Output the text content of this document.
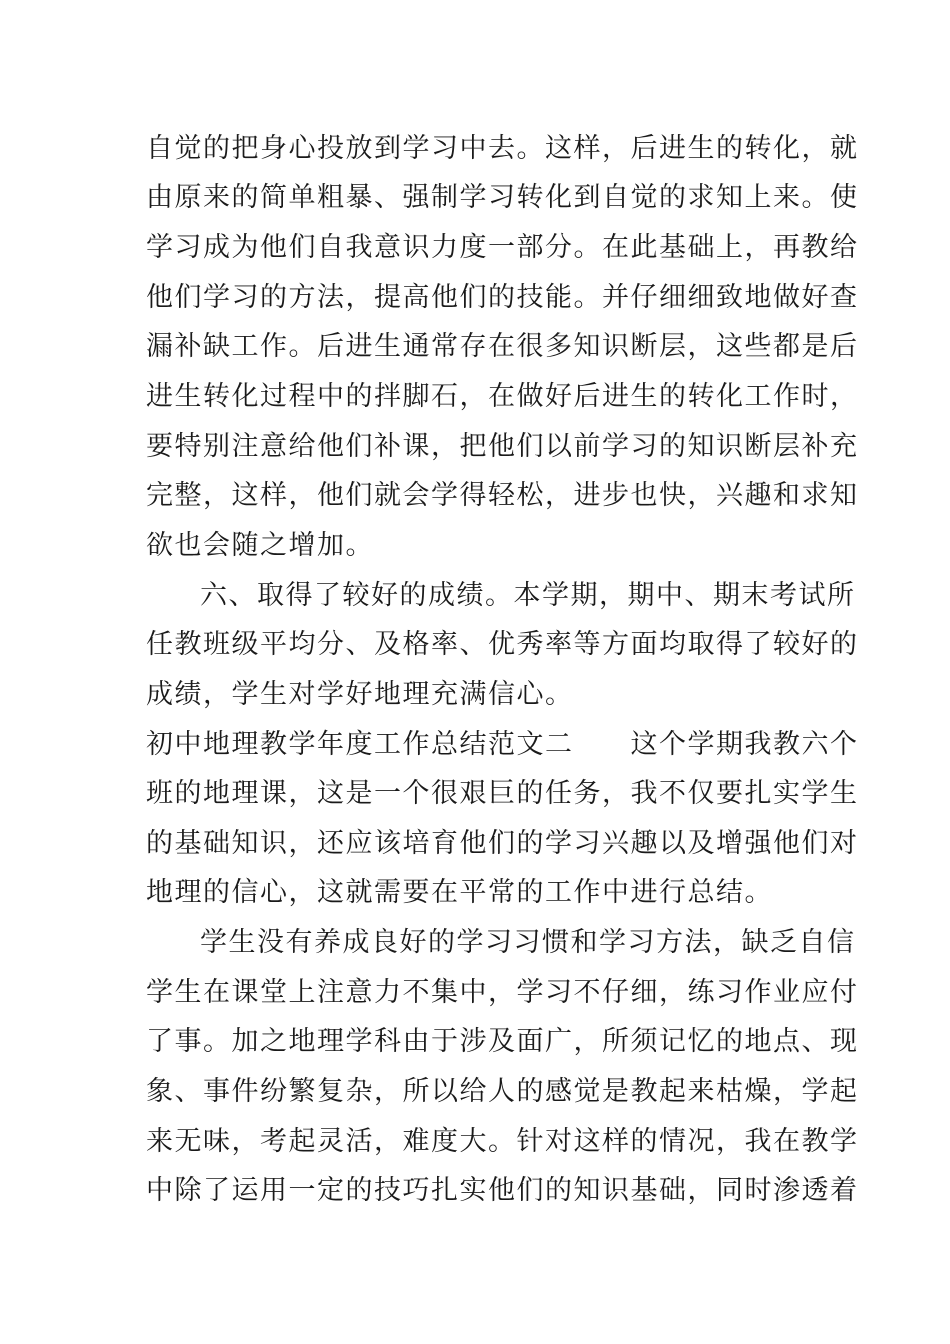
自觉的把身心投放到学习中去。这样，后进生的转化，就
由原来的简单粗暴、强制学习转化到自觉的求知上来。使
学习成为他们自我意识力度一部分。在此基础上，再教给
他们学习的方法，提高他们的技能。并仔细细致地做好查
漏补缺工作。后进生通常存在很多知识断层，这些都是后
进生转化过程中的拌脚石，在做好后进生的转化工作时，
要特别注意给他们补课，把他们以前学习的知识断层补充
完整，这样，他们就会学得轻松，进步也快，兴趣和求知
欲也会随之增加。
六、取得了较好的成绩。本学期，期中、期末考试所
任教班级平均分、及格率、优秀率等方面均取得了较好的
成绩，学生对学好地理充满信心。
初中地理教学年度工作总结范文二　　这个学期我教六个
班的地理课，这是一个很艰巨的任务，我不仅要扎实学生
的基础知识，还应该培育他们的学习兴趣以及增强他们对
地理的信心，这就需要在平常的工作中进行总结。
学生没有养成良好的学习习惯和学习方法，缺乏自信
学生在课堂上注意力不集中，学习不仔细，练习作业应付
了事。加之地理学科由于涉及面广，所须记忆的地点、现
象、事件纷繁复杂，所以给人的感觉是教起来枯燥，学起
来无味，考起灵活，难度大。针对这样的情况，我在教学
中除了运用一定的技巧扎实他们的知识基础，同时渗透着
